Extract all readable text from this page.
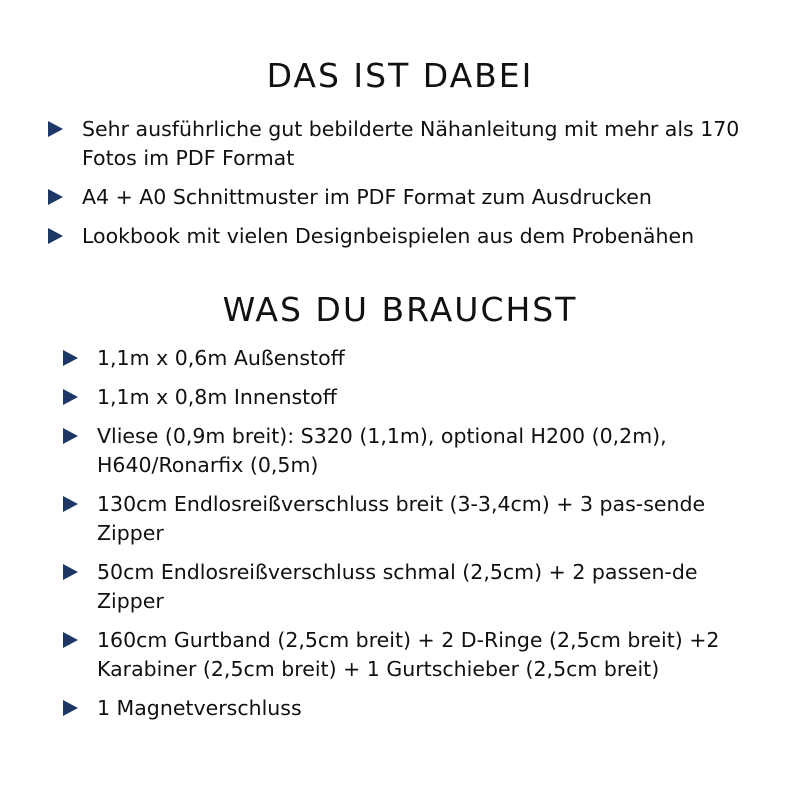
DAS IST DABEI
Sehr ausführliche gut bebilderte Nähanleitung mit mehr als 170 Fotos im PDF Format
A4 + A0 Schnittmuster im PDF Format zum Ausdrucken
Lookbook mit vielen Designbeispielen aus dem Probenähen
WAS DU BRAUCHST
1,1m x 0,6m Außenstoff
1,1m x 0,8m Innenstoff
Vliese (0,9m breit): S320 (1,1m), optional H200 (0,2m), H640/Ronarfix (0,5m)
130cm Endlosreißverschluss breit (3-3,4cm) + 3 pas-sende Zipper
50cm Endlosreißverschluss schmal (2,5cm) + 2 passen-de Zipper
160cm Gurtband (2,5cm breit) + 2 D-Ringe (2,5cm breit) +2 Karabiner (2,5cm breit) + 1 Gurtschieber (2,5cm breit)
1 Magnetverschluss
